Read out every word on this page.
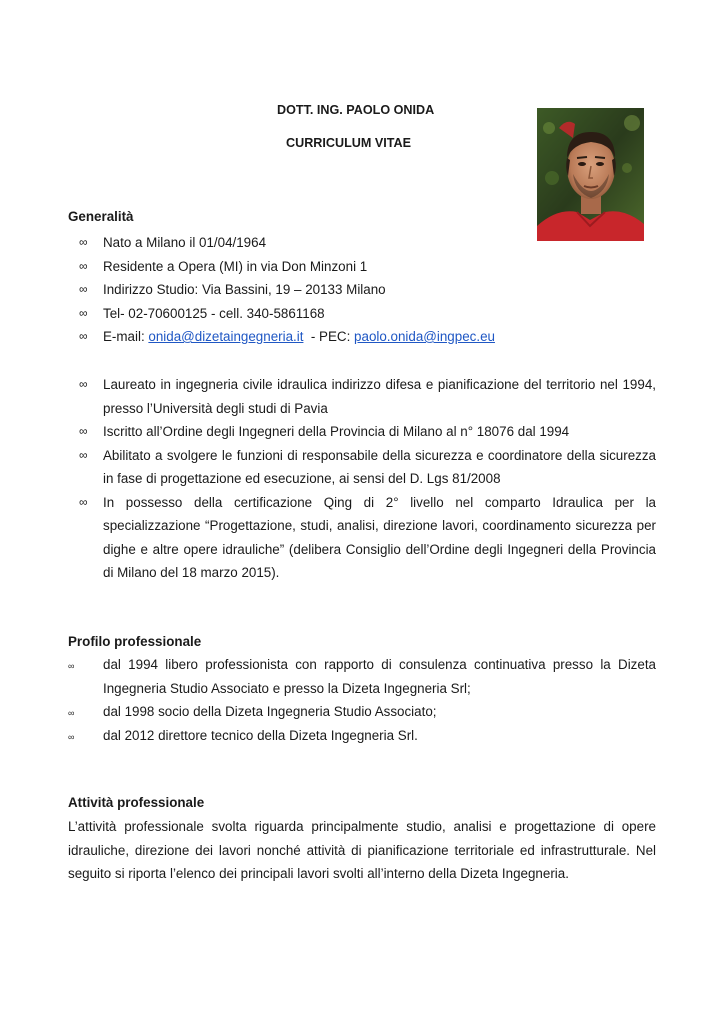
DOTT. ING. PAOLO ONIDA
CURRICULUM VITAE
Generalità
∞ Nato a Milano il 01/04/1964
∞ Residente a Opera (MI) in via Don Minzoni 1
∞ Indirizzo Studio: Via Bassini, 19 – 20133 Milano
∞ Tel- 02-70600125 - cell. 340-5861168
∞ E-mail: onida@dizetaingegneria.it  - PEC: paolo.onida@ingpec.eu
∞ Laureato in ingegneria civile idraulica indirizzo difesa e pianificazione del territorio nel 1994, presso l’Università degli studi di Pavia
∞ Iscritto all’Ordine degli Ingegneri della Provincia di Milano al n° 18076 dal 1994
∞ Abilitato a svolgere le funzioni di responsabile della sicurezza e coordinatore della sicurezza in fase di progettazione ed esecuzione, ai sensi del D. Lgs 81/2008
∞ In possesso della certificazione Qing di 2° livello nel comparto Idraulica per la specializzazione “Progettazione, studi, analisi, direzione lavori, coordinamento sicurezza per dighe e altre opere idrauliche” (delibera Consiglio dell’Ordine degli Ingegneri della Provincia di Milano del 18 marzo 2015).
Profilo professionale
∞ dal 1994 libero professionista con rapporto di consulenza continuativa presso la Dizeta Ingegneria Studio Associato e presso la Dizeta Ingegneria Srl;
∞ dal 1998 socio della Dizeta Ingegneria Studio Associato;
∞ dal 2012 direttore tecnico della Dizeta Ingegneria Srl.
Attività professionale

L’attività professionale svolta riguarda principalmente studio, analisi e progettazione di opere idrauliche, direzione dei lavori nonché attività di pianificazione territoriale ed infrastrutturale. Nel seguito si riporta l’elenco dei principali lavori svolti all’interno della Dizeta Ingegneria.
